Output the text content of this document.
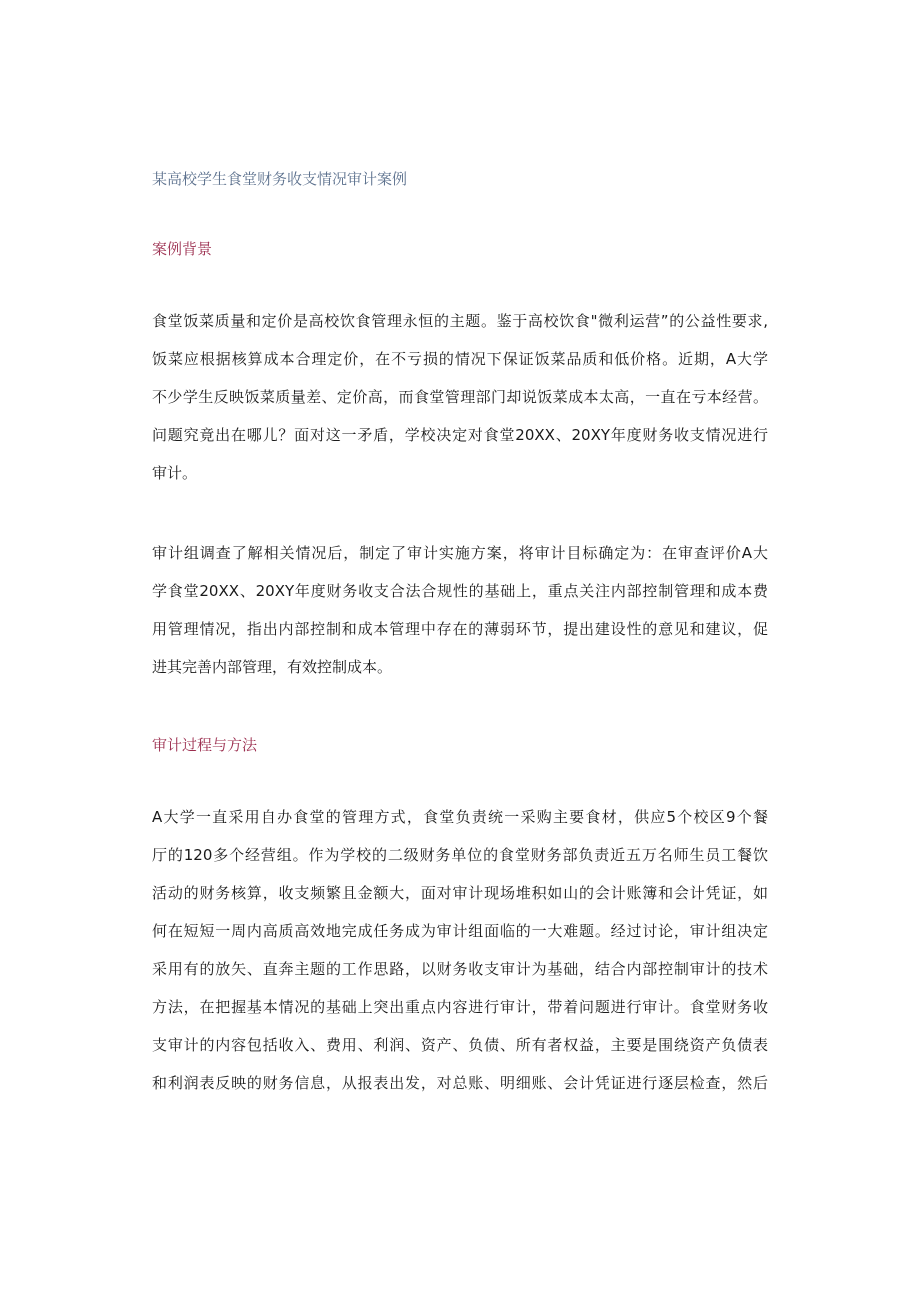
某高校学生食堂财务收支情况审计案例
案例背景
食堂饭菜质量和定价是高校饮食管理永恒的主题。鉴于高校饮食"微利运营”的公益性要求,
饭菜应根据核算成本合理定价，在不亏损的情况下保证饭菜品质和低价格。近期，A大学
不少学生反映饭菜质量差、定价高，而食堂管理部门却说饭菜成本太高，一直在亏本经营。
问题究竟出在哪儿？面对这一矛盾，学校决定对食堂20XX、20XY年度财务收支情况进行
审计。
审计组调查了解相关情况后，制定了审计实施方案，将审计目标确定为：在审查评价A大
学食堂20XX、20XY年度财务收支合法合规性的基础上，重点关注内部控制管理和成本费
用管理情况，指出内部控制和成本管理中存在的薄弱环节，提出建设性的意见和建议，促
进其完善内部管理，有效控制成本。
审计过程与方法
A大学一直采用自办食堂的管理方式，食堂负责统一采购主要食材，供应5个校区9个餐
厅的120多个经营组。作为学校的二级财务单位的食堂财务部负责近五万名师生员工餐饮
活动的财务核算，收支频繁且金额大，面对审计现场堆积如山的会计账簿和会计凭证，如
何在短短一周内高质高效地完成任务成为审计组面临的一大难题。经过讨论，审计组决定
采用有的放矢、直奔主题的工作思路，以财务收支审计为基础，结合内部控制审计的技术
方法，在把握基本情况的基础上突出重点内容进行审计，带着问题进行审计。食堂财务收
支审计的内容包括收入、费用、利润、资产、负债、所有者权益，主要是围绕资产负债表
和利润表反映的财务信息，从报表出发，对总账、明细账、会计凭证进行逐层检查，然后
